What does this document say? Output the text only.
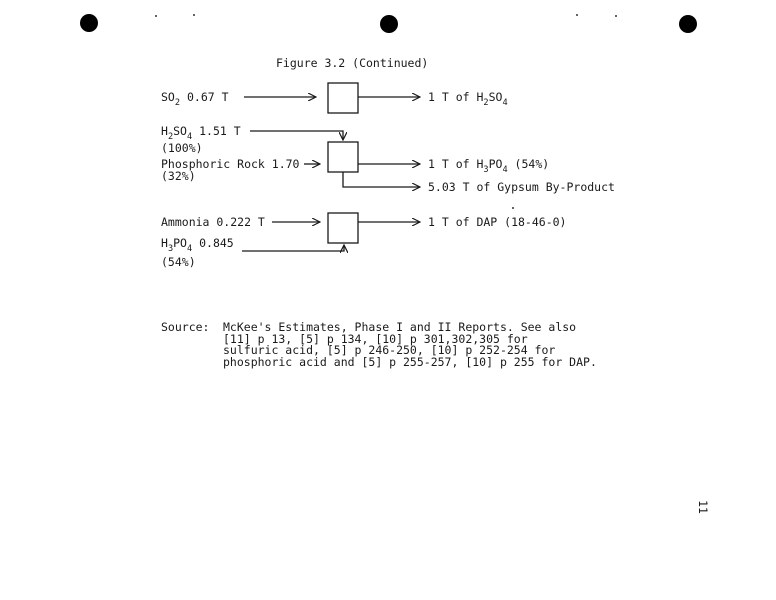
Figure 3.2 (Continued)
$SO_2$ 0.67 T	1 T of $H_2SO_4$
$H_2SO_4$ 1.51 T
(100%)
Phosphoric Rock 1.70
(32%)
1 T of $H_3PO_4$ (54%)
5.03 T of Gypsum By-Product
Ammonia 0.222 T
$H_3PO_4$ 0.845
(54%)
1 T of DAP (18-46-0)
Source: McKee's Estimates, Phase I and II Reports. See also
[11] p 13, [5] p 134, [10] p 301,302,305 for
sulfuric acid, [5] p 246-250, [10] p 252-254 for
phosphoric acid and [5] p 255-257, [10] p 255 for DAP.
11
